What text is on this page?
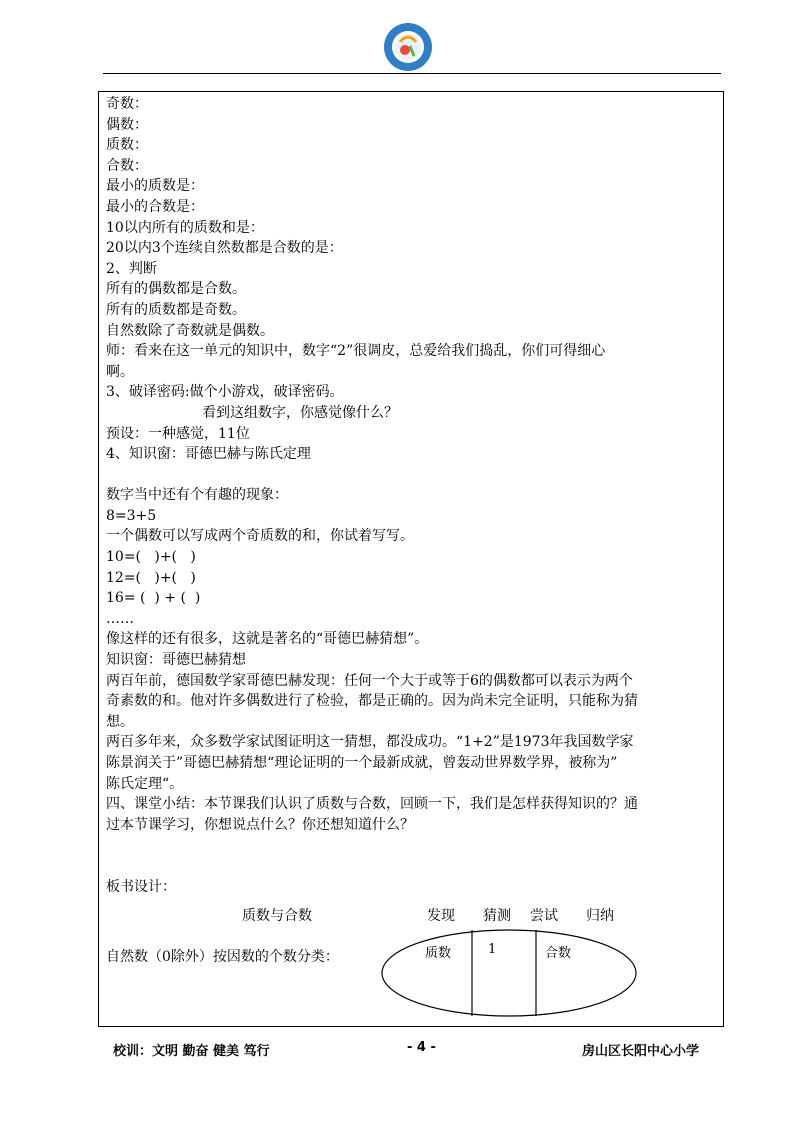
奇数：
偶数：
质数：
合数：
最小的质数是：
最小的合数是：
10以内所有的质数和是：
20以内3个连续自然数都是合数的是：
2、判断
所有的偶数都是合数。
所有的质数都是奇数。
自然数除了奇数就是偶数。
师：看来在这一单元的知识中，数字“2”很调皮，总爱给我们捣乱，你们可得细心
啊。
3、破译密码:做个小游戏，破译密码。
看到这组数字，你感觉像什么？
预设：一种感觉，11位
4、知识窗：哥德巴赫与陈氏定理
数字当中还有个有趣的现象：
8=3+5
一个偶数可以写成两个奇质数的和，你试着写写。
10=(   )+(   )
12=(   )+(   )
16= (  ) + (  )
……
像这样的还有很多，这就是著名的“哥德巴赫猜想”。
知识窗：哥德巴赫猜想
两百年前，德国数学家哥德巴赫发现：任何一个大于或等于6的偶数都可以表示为两个
奇素数的和。他对许多偶数进行了检验，都是正确的。因为尚未完全证明，只能称为猜
想。
两百多年来，众多数学家试图证明这一猜想，都没成功。“1+2”是1973年我国数学家
陈景润关于”哥德巴赫猜想“理论证明的一个最新成就，曾轰动世界数学界，被称为”
陈氏定理“。
四、课堂小结：本节课我们认识了质数与合数，回顾一下，我们是怎样获得知识的？通
过本节课学习，你想说点什么？你还想知道什么？
板书设计：
质数与合数	发现 猜测 尝试 归纳
自然数（0除外）按因数的个数分类：	质数	1	合数
校训：文明 勤奋 健美 笃行	- 4 -	房山区长阳中心小学
